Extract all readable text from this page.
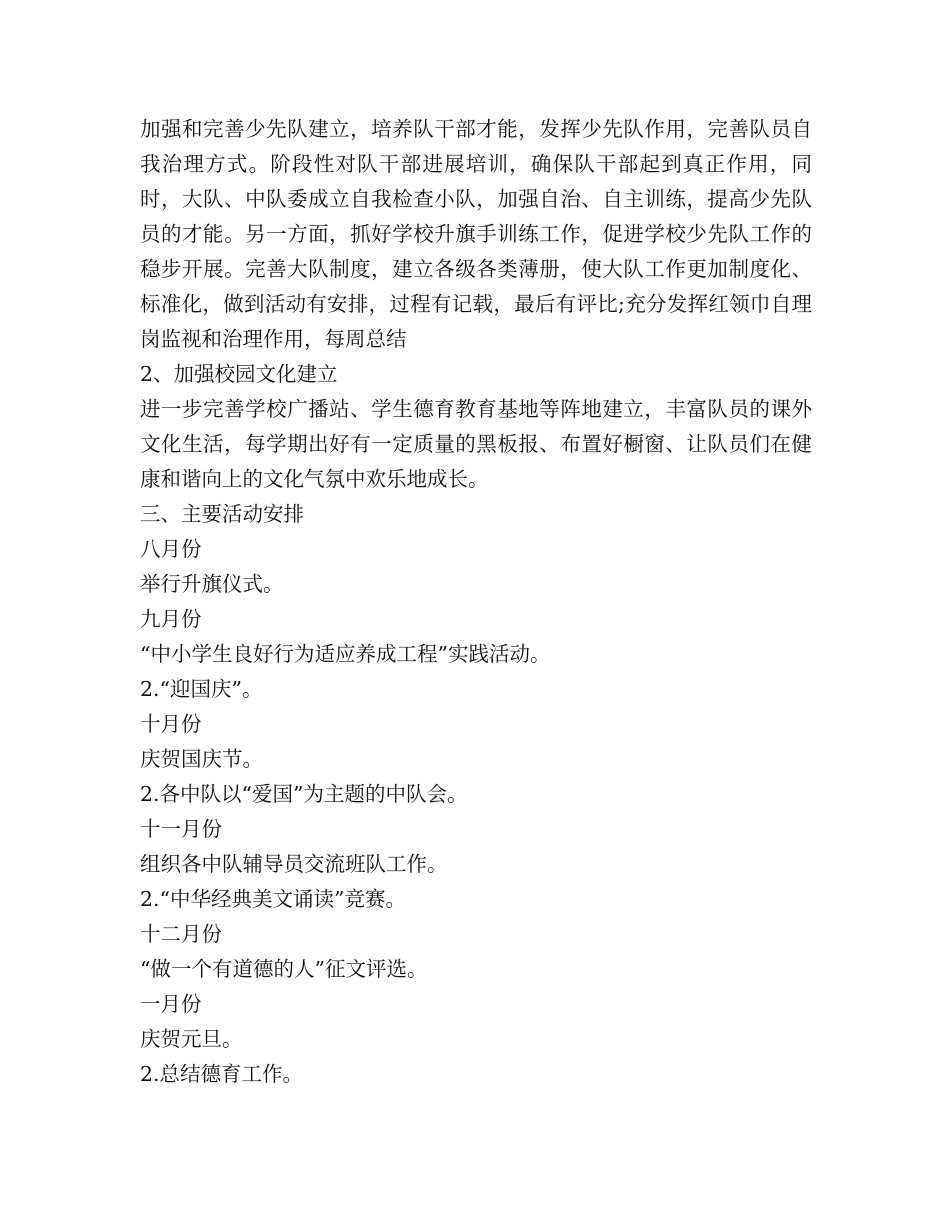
加强和完善少先队建立，培养队干部才能，发挥少先队作用，完善队员自我治理方式。阶段性对队干部进展培训，确保队干部起到真正作用，同时，大队、中队委成立自我检查小队，加强自治、自主训练，提高少先队员的才能。另一方面，抓好学校升旗手训练工作，促进学校少先队工作的稳步开展。完善大队制度，建立各级各类薄册，使大队工作更加制度化、标准化，做到活动有安排，过程有记载，最后有评比;充分发挥红领巾自理岗监视和治理作用，每周总结

2、加强校园文化建立

进一步完善学校广播站、学生德育教育基地等阵地建立，丰富队员的课外文化生活，每学期出好有一定质量的黑板报、布置好橱窗、让队员们在健康和谐向上的文化气氛中欢乐地成长。

三、主要活动安排

八月份

举行升旗仪式。

九月份

“中小学生良好行为适应养成工程”实践活动。

2.“迎国庆”。

十月份

庆贺国庆节。

2.各中队以“爱国”为主题的中队会。

十一月份

组织各中队辅导员交流班队工作。

2.“中华经典美文诵读”竞赛。

十二月份

“做一个有道德的人”征文评选。

一月份

庆贺元旦。

2.总结德育工作。
